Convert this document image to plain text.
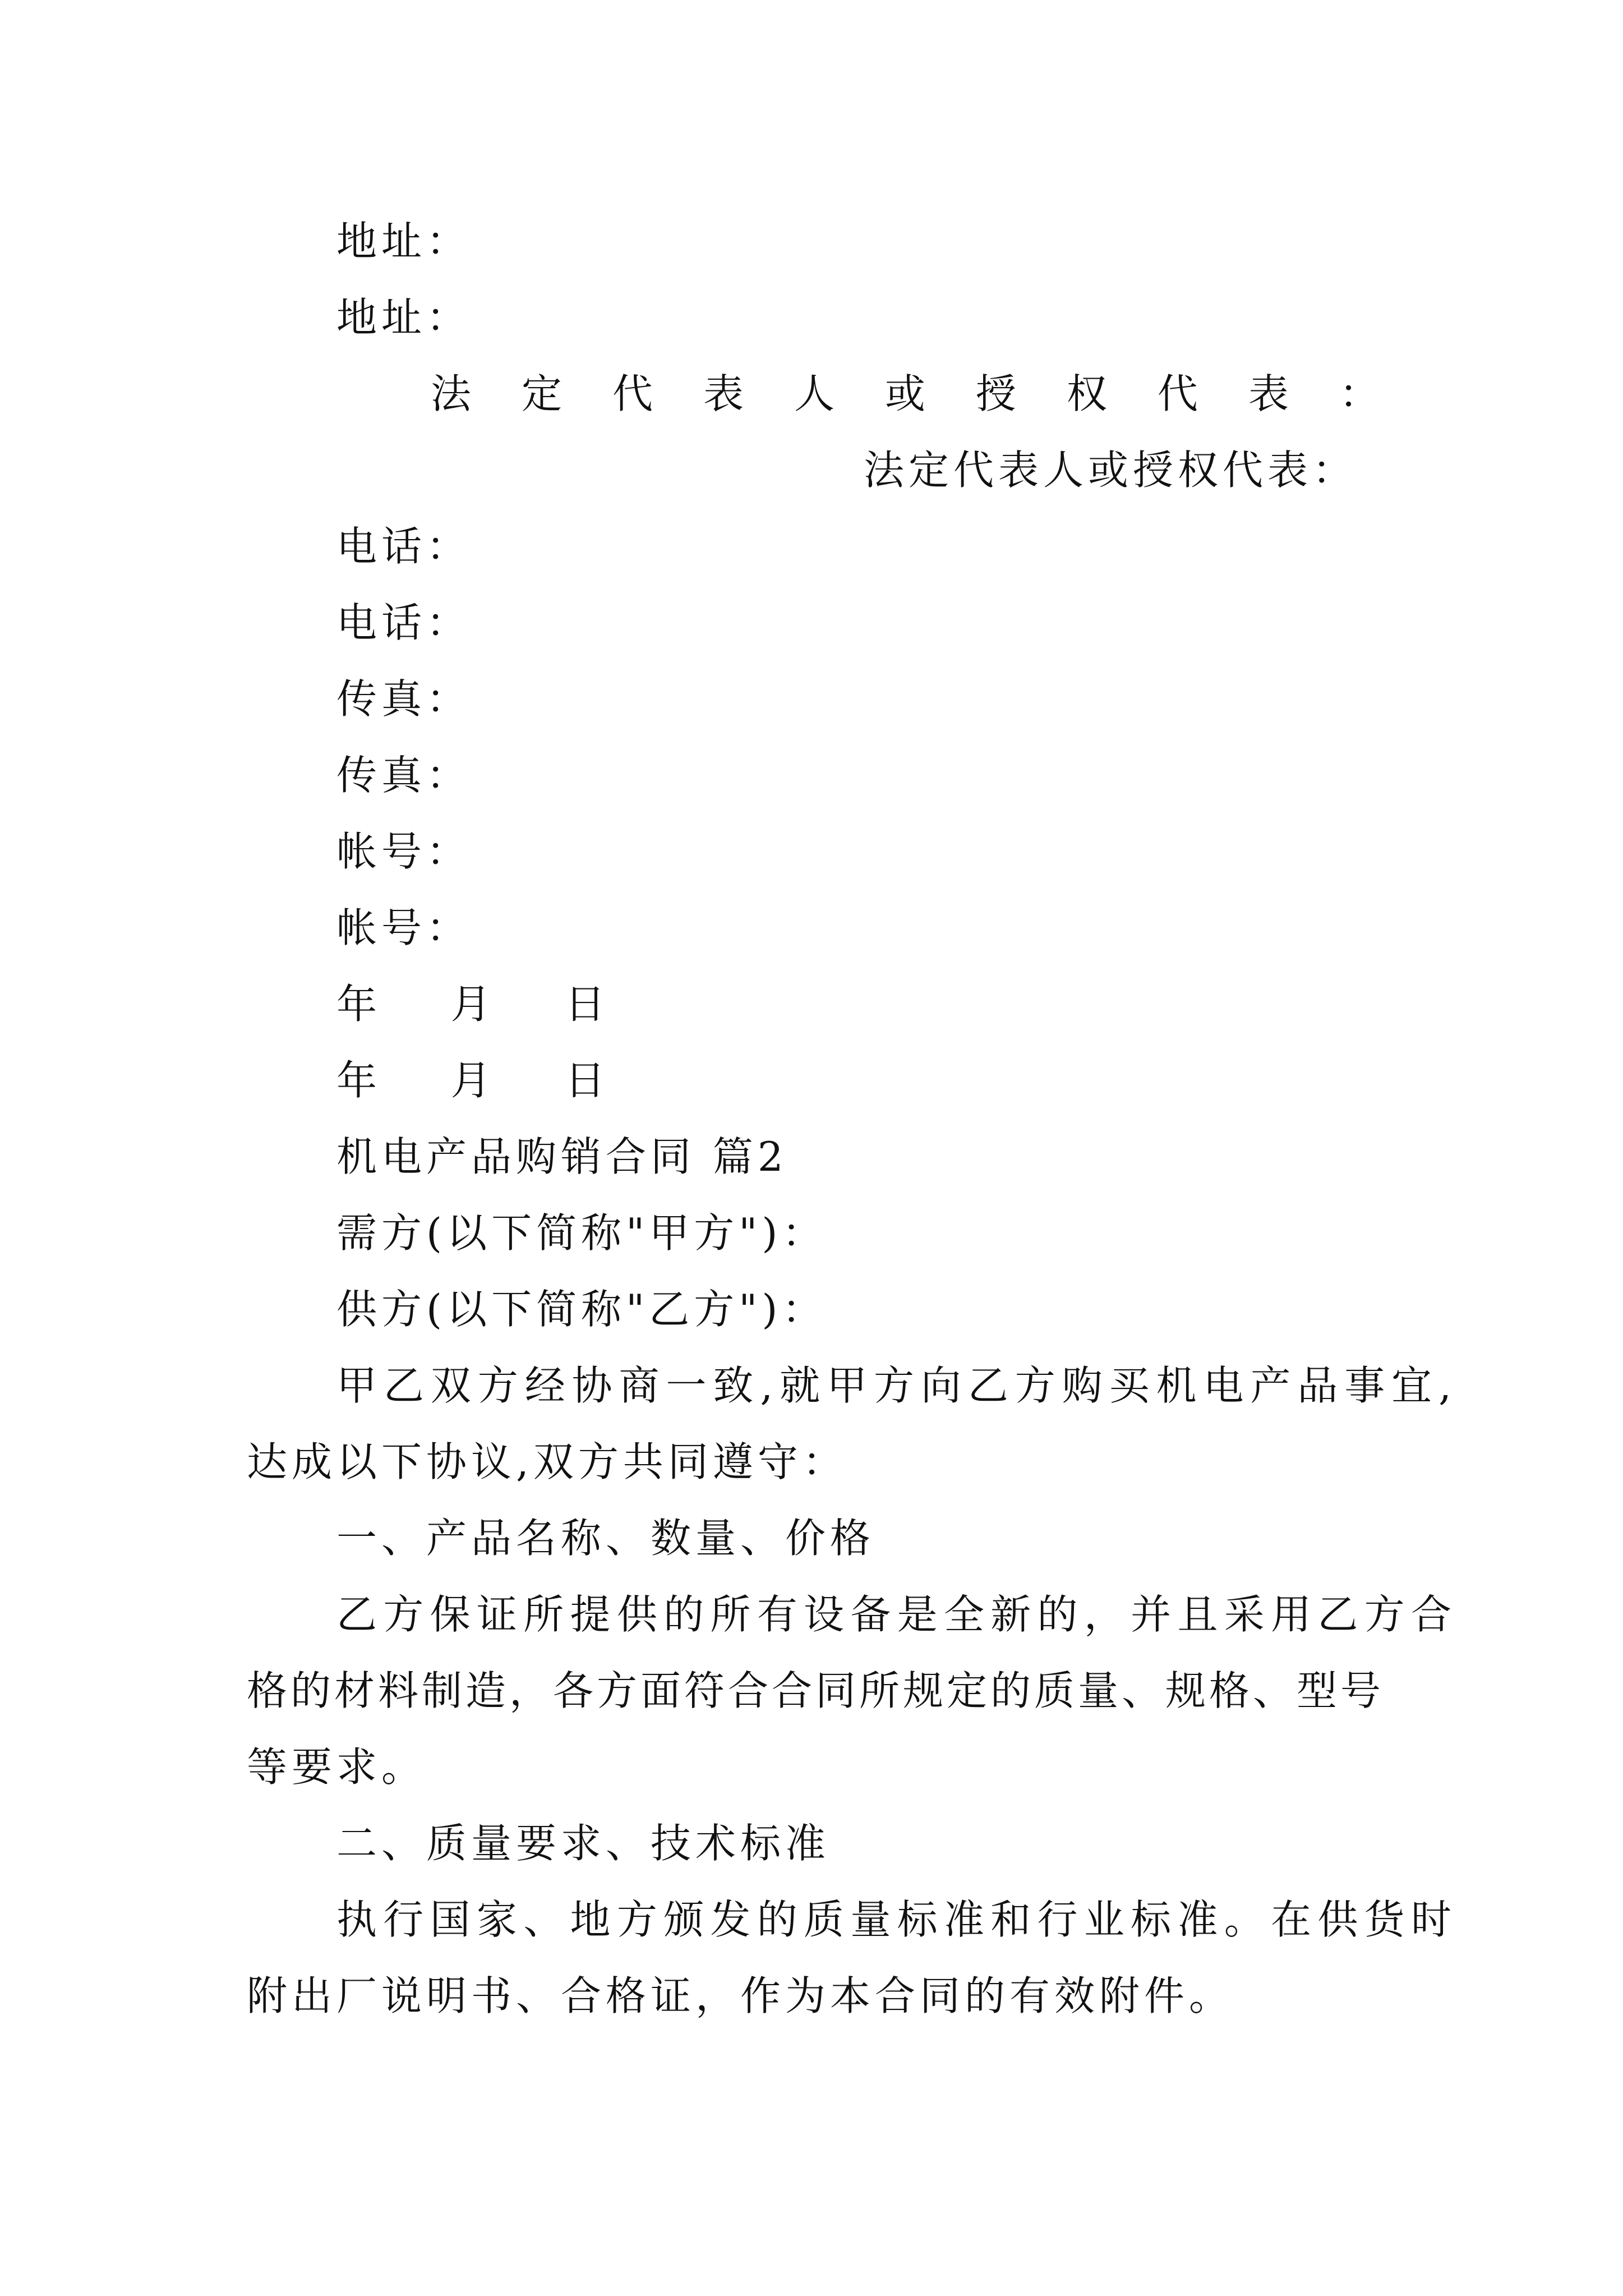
地址：
地址：
法 定 代 表 人 或 授 权 代 表 ：
法定代表人或授权代表：
电话：
电话：
传真：
传真：
帐号：
帐号：
年    月    日
年    月    日
机电产品购销合同 篇2
需方(以下简称"甲方")：
供方(以下简称"乙方")：
甲乙双方经协商一致,就甲方向乙方购买机电产品事宜,
达成以下协议,双方共同遵守：
一、产品名称、数量、价格
乙方保证所提供的所有设备是全新的，并且采用乙方合
格的材料制造，各方面符合合同所规定的质量、规格、型号
等要求。
二、质量要求、技术标准
执行国家、地方颁发的质量标准和行业标准。在供货时
附出厂说明书、合格证，作为本合同的有效附件。
